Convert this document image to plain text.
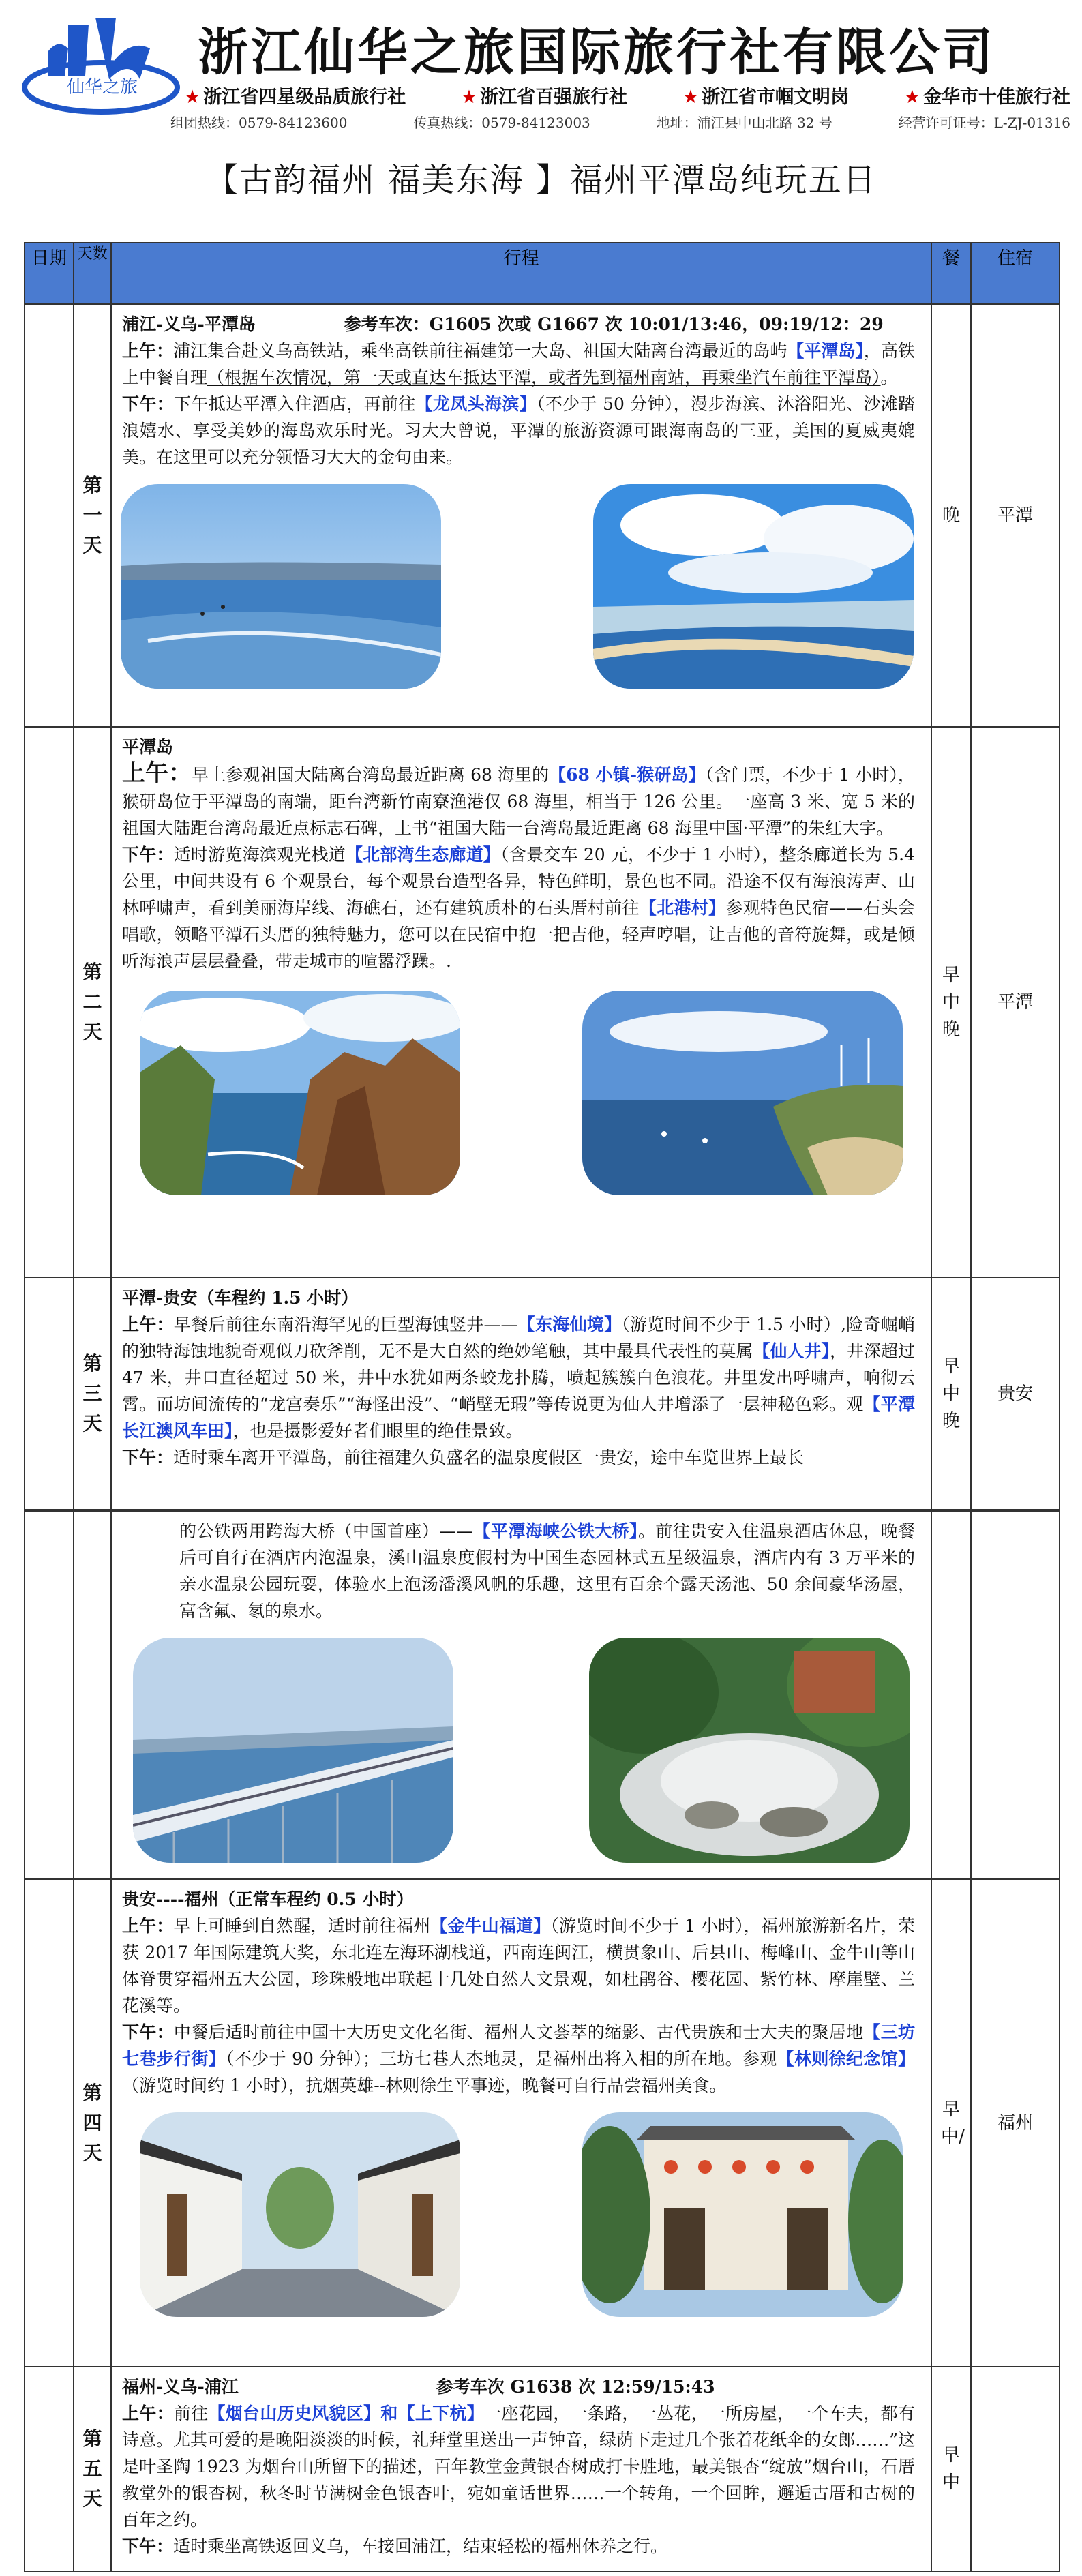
仙华之旅
浙江仙华之旅国际旅行社有限公司
★ 浙江省四星级品质旅行社	★ 浙江省百强旅行社	★ 浙江省市帼文明岗	★ 金华市十佳旅行社
组团热线：0579-84123600	传真热线：0579-84123003	地址：浦江县中山北路 32 号	经营许可证号：L-ZJ-01316
【古韵福州 福美东海 】福州平潭岛纯玩五日
日期	天数	行程	餐	住宿

	第一天	浦江-义乌-平潭岛 参考车次：G1605 次或 G1667 次 10:01/13:46，09:19/12：29
上午：浦江集合赴义乌高铁站，乘坐高铁前往福建第一大岛、祖国大陆离台湾最近的岛屿【平潭岛】，高铁上中餐自理（根据车次情况，第一天或直达车抵达平潭，或者先到福州南站，再乘坐汽车前往平潭岛）。
下午：下午抵达平潭入住酒店，再前往【龙凤头海滨】（不少于 50 分钟），漫步海滨、沐浴阳光、沙滩踏浪嬉水、享受美妙的海岛欢乐时光。习大大曾说，平潭的旅游资源可跟海南岛的三亚，美国的夏威夷媲美。在这里可以充分领悟习大大的金句由来。	晚	平潭

	第二天	平潭岛
上午：早上参观祖国大陆离台湾岛最近距离 68 海里的【68 小镇-猴研岛】（含门票，不少于 1 小时），猴研岛位于平潭岛的南端，距台湾新竹南寮渔港仅 68 海里，相当于 126 公里。一座高 3 米、宽 5 米的祖国大陆距台湾岛最近点标志石碑，上书“祖国大陆一台湾岛最近距离 68 海里中国·平潭”的朱红大字。
下午：适时游览海滨观光栈道【北部湾生态廊道】（含景交车 20 元，不少于 1 小时），整条廊道长为 5.4 公里，中间共设有 6 个观景台，每个观景台造型各异，特色鲜明，景色也不同。沿途不仅有海浪涛声、山林呼啸声，看到美丽海岸线、海礁石，还有建筑质朴的石头厝村前往【北港村】参观特色民宿——石头会唱歌，领略平潭石头厝的独特魅力，您可以在民宿中抱一把吉他，轻声哼唱，让吉他的音符旋舞，或是倾听海浪声层层叠叠，带走城市的喧嚣浮躁。.	早中晚	平潭

	第三天	平潭-贵安（车程约 1.5 小时）
上午：早餐后前往东南沿海罕见的巨型海蚀竖井——【东海仙境】（游览时间不少于 1.5 小时）,险奇崛峭的独特海蚀地貌奇观似刀砍斧削，无不是大自然的绝妙笔触，其中最具代表性的莫属【仙人井】，井深超过 47 米，井口直径超过 50 米，井中水犹如两条蛟龙扑腾，喷起簇簇白色浪花。井里发出呼啸声，响彻云霄。而坊间流传的“龙宫奏乐”“海怪出没”、“峭壁无瑕”等传说更为仙人井增添了一层神秘色彩。观【平潭长江澳风车田】，也是摄影爱好者们眼里的绝佳景致。
下午：适时乘车离开平潭岛，前往福建久负盛名的温泉度假区一贵安，途中车览世界上最长	早中晚	贵安

		的公铁两用跨海大桥（中国首座）——【平潭海峡公铁大桥】。前往贵安入住温泉酒店休息，晚餐后可自行在酒店内泡温泉，溪山温泉度假村为中国生态园林式五星级温泉，酒店内有 3 万平米的亲水温泉公园玩耍，体验水上泡汤潘溪风帆的乐趣，这里有百余个露天汤池、50 余间豪华汤屋，富含氟、氡的泉水。		

	第四天	贵安----福州（正常车程约 0.5 小时）
上午：早上可睡到自然醒，适时前往福州【金牛山福道】（游览时间不少于 1 小时），福州旅游新名片，荣获 2017 年国际建筑大奖，东北连左海环湖栈道，西南连闽江，横贯象山、后县山、梅峰山、金牛山等山体脊贯穿福州五大公园，珍珠般地串联起十几处自然人文景观，如杜鹃谷、樱花园、紫竹林、摩崖壁、兰花溪等。
下午：中餐后适时前往中国十大历史文化名街、福州人文荟萃的缩影、古代贵族和士大夫的聚居地【三坊七巷步行街】（不少于 90 分钟）；三坊七巷人杰地灵，是福州出将入相的所在地。参观【林则徐纪念馆】（游览时间约 1 小时），抗烟英雄--林则徐生平事迹，晚餐可自行品尝福州美食。	早中/	福州

	第五天	福州-义乌-浦江 参考车次 G1638 次 12:59/15:43
上午：前往【烟台山历史风貌区】和【上下杭】一座花园，一条路，一丛花，一所房屋，一个车夫，都有诗意。尤其可爱的是晚阳淡淡的时候，礼拜堂里送出一声钟音，绿荫下走过几个张着花纸伞的女郎……”这是叶圣陶 1923 为烟台山所留下的描述，百年教堂金黄银杏树成打卡胜地，最美银杏“绽放”烟台山，石厝教堂外的银杏树，秋冬时节满树金色银杏叶，宛如童话世界……一个转角，一个回眸，邂逅古厝和古树的百年之约。
下午：适时乘坐高铁返回义乌，车接回浦江，结束轻松的福州休养之行。	早中	
